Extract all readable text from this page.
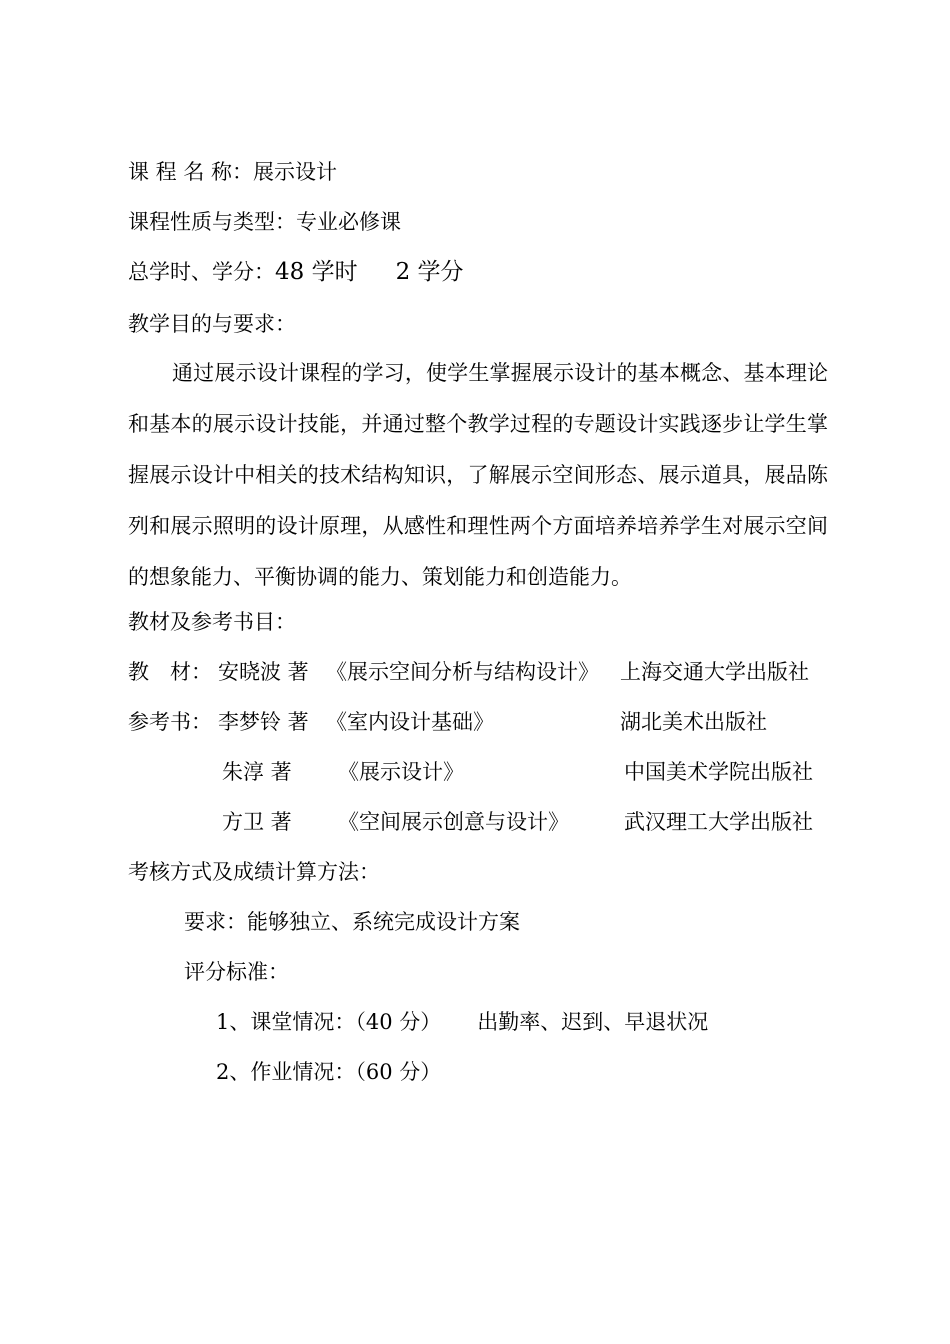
课 程 名 称：展示设计
课程性质与类型：专业必修课
总学时、学分：48 学时 2 学分
教学目的与要求：
通过展示设计课程的学习，使学生掌握展示设计的基本概念、基本理论和基本的展示设计技能，并通过整个教学过程的专题设计实践逐步让学生掌握展示设计中相关的技术结构知识，了解展示空间形态、展示道具，展品陈列和展示照明的设计原理，从感性和理性两个方面培养培养学生对展示空间的想象能力、平衡协调的能力、策划能力和创造能力。
教材及参考书目：
教　材： 安晓波 著 《展示空间分析与结构设计》 上海交通大学出版社
参考书： 李梦铃 著 《室内设计基础》	湖北美术出版社
朱淳 著 《展示设计》	中国美术学院出版社
方卫 著 《空间展示创意与设计》	武汉理工大学出版社
考核方式及成绩计算方法：
要求：能够独立、系统完成设计方案
评分标准：
1、课堂情况：（40 分） 出勤率、迟到、早退状况
2、作业情况：（60 分）
